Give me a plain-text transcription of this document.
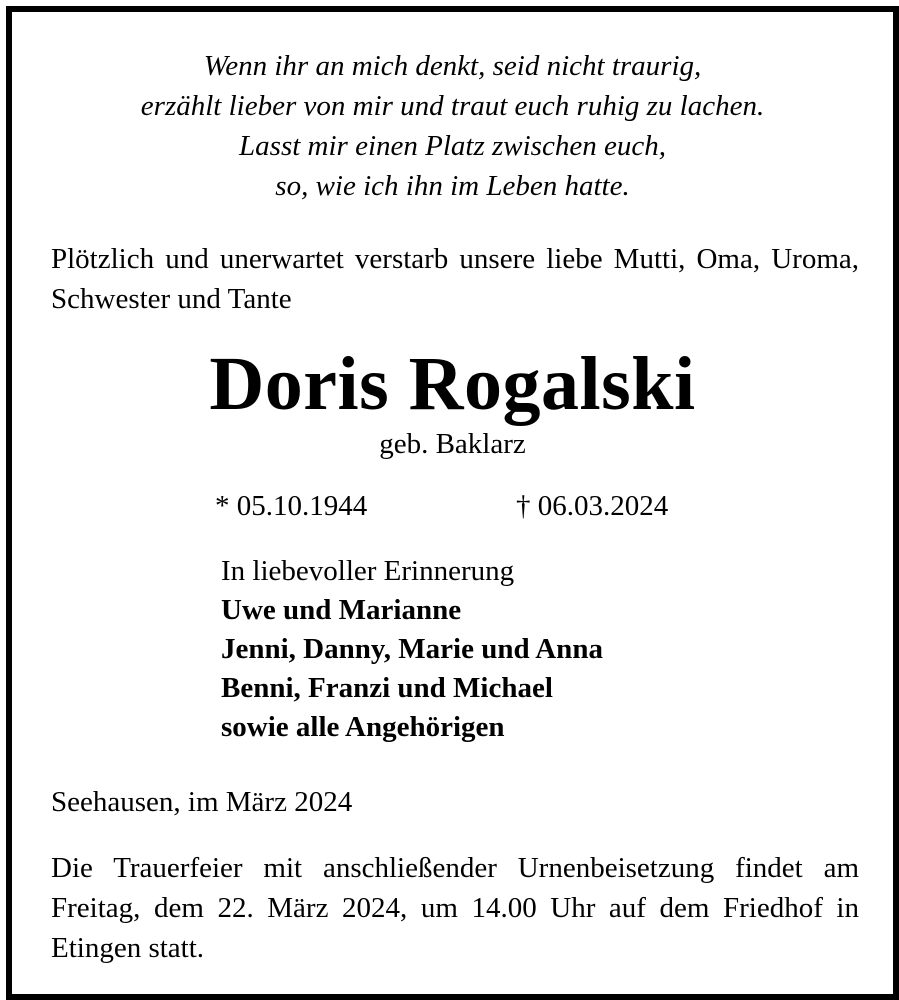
Wenn ihr an mich denkt, seid nicht traurig,
erzählt lieber von mir und traut euch ruhig zu lachen.
Lasst mir einen Platz zwischen euch,
so, wie ich ihn im Leben hatte.
Plötzlich und unerwartet verstarb unsere liebe Mutti, Oma, Uroma, Schwester und Tante
Doris Rogalski
geb. Baklarz
* 05.10.1944	† 06.03.2024
In liebevoller Erinnerung
Uwe und Marianne
Jenni, Danny, Marie und Anna
Benni, Franzi und Michael
sowie alle Angehörigen
Seehausen, im März 2024
Die Trauerfeier mit anschließender Urnenbeisetzung findet am Freitag, dem 22. März 2024, um 14.00 Uhr auf dem Friedhof in Etingen statt.
